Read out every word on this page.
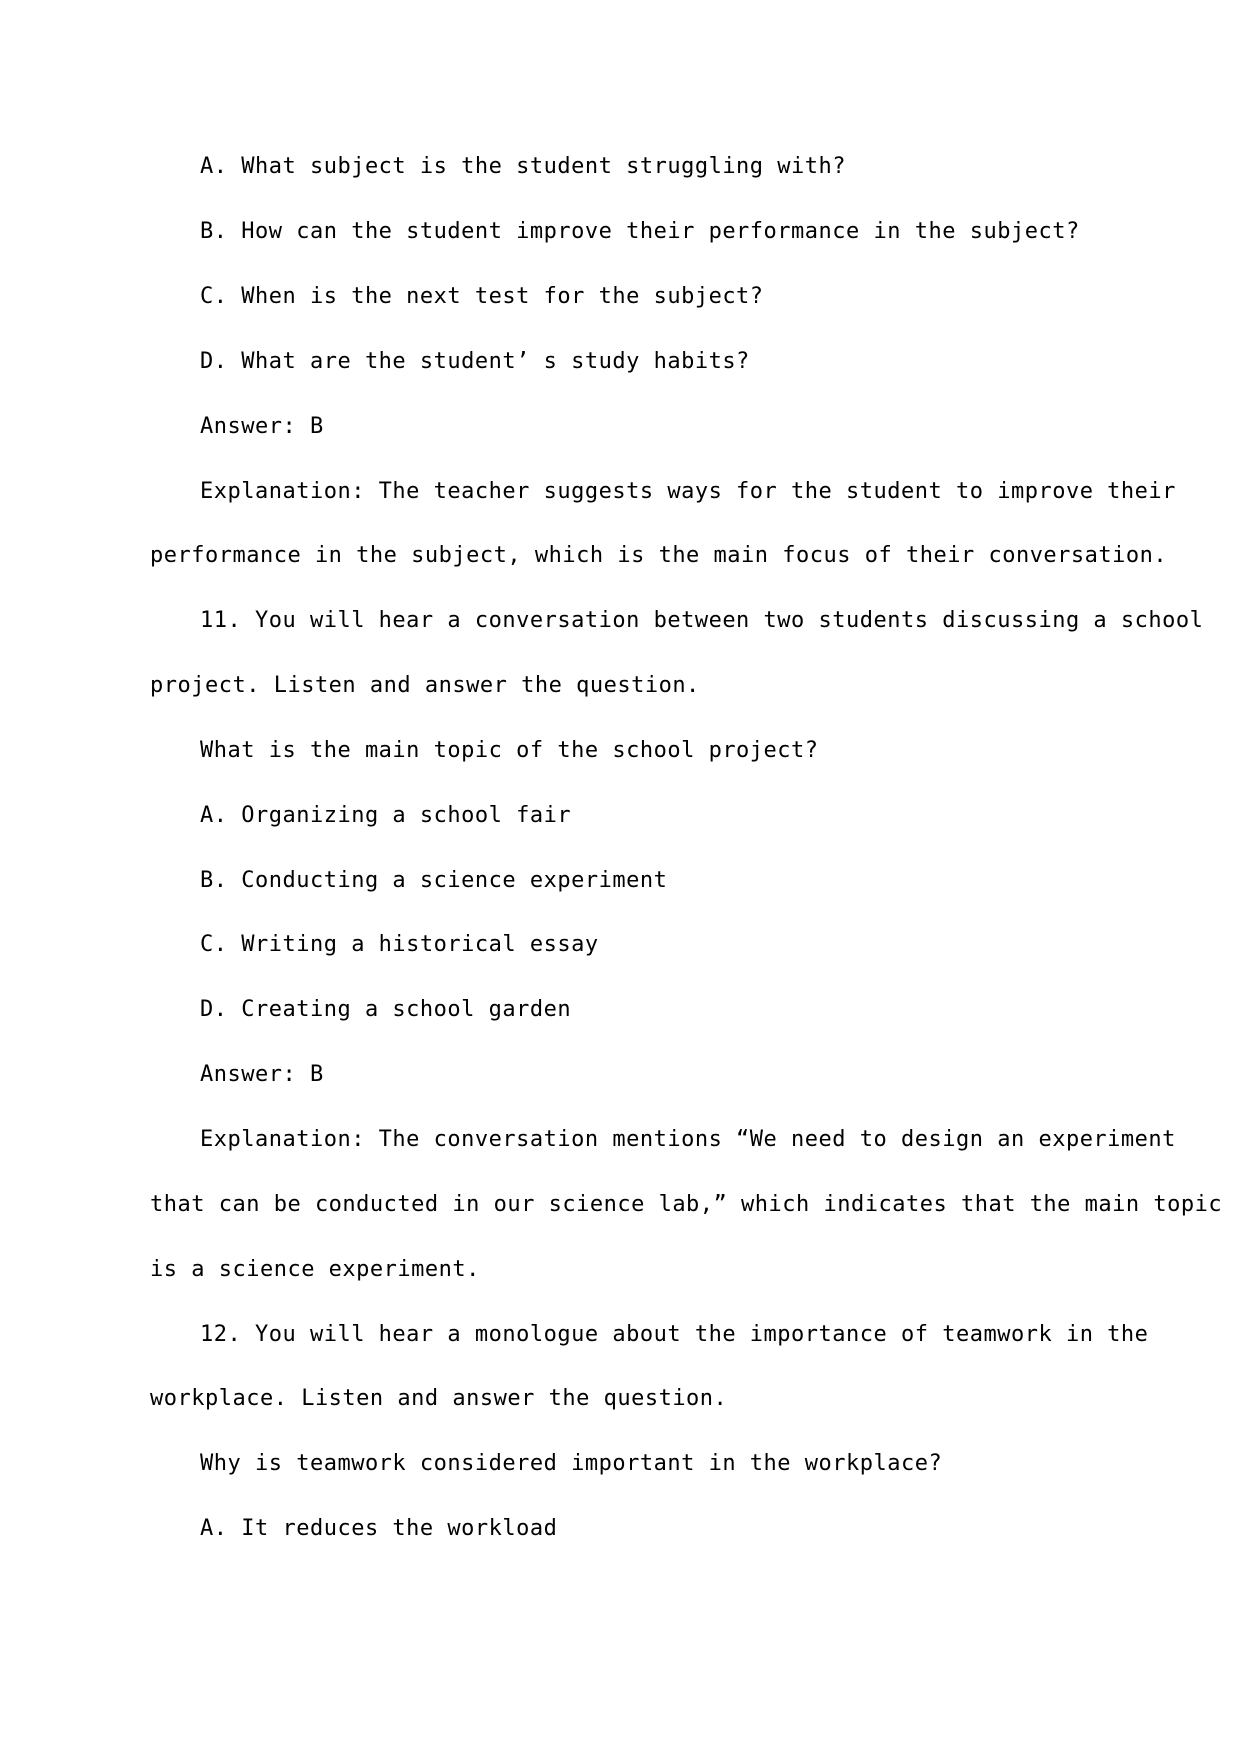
A. What subject is the student struggling with?
B. How can the student improve their performance in the subject?
C. When is the next test for the subject?
D. What are the student’ s study habits?
Answer: B
Explanation: The teacher suggests ways for the student to improve their
performance in the subject, which is the main focus of their conversation.
11. You will hear a conversation between two students discussing a school
project. Listen and answer the question.
What is the main topic of the school project?
A. Organizing a school fair
B. Conducting a science experiment
C. Writing a historical essay
D. Creating a school garden
Answer: B
Explanation: The conversation mentions “We need to design an experiment
that can be conducted in our science lab,” which indicates that the main topic
is a science experiment.
12. You will hear a monologue about the importance of teamwork in the
workplace. Listen and answer the question.
Why is teamwork considered important in the workplace?
A. It reduces the workload
